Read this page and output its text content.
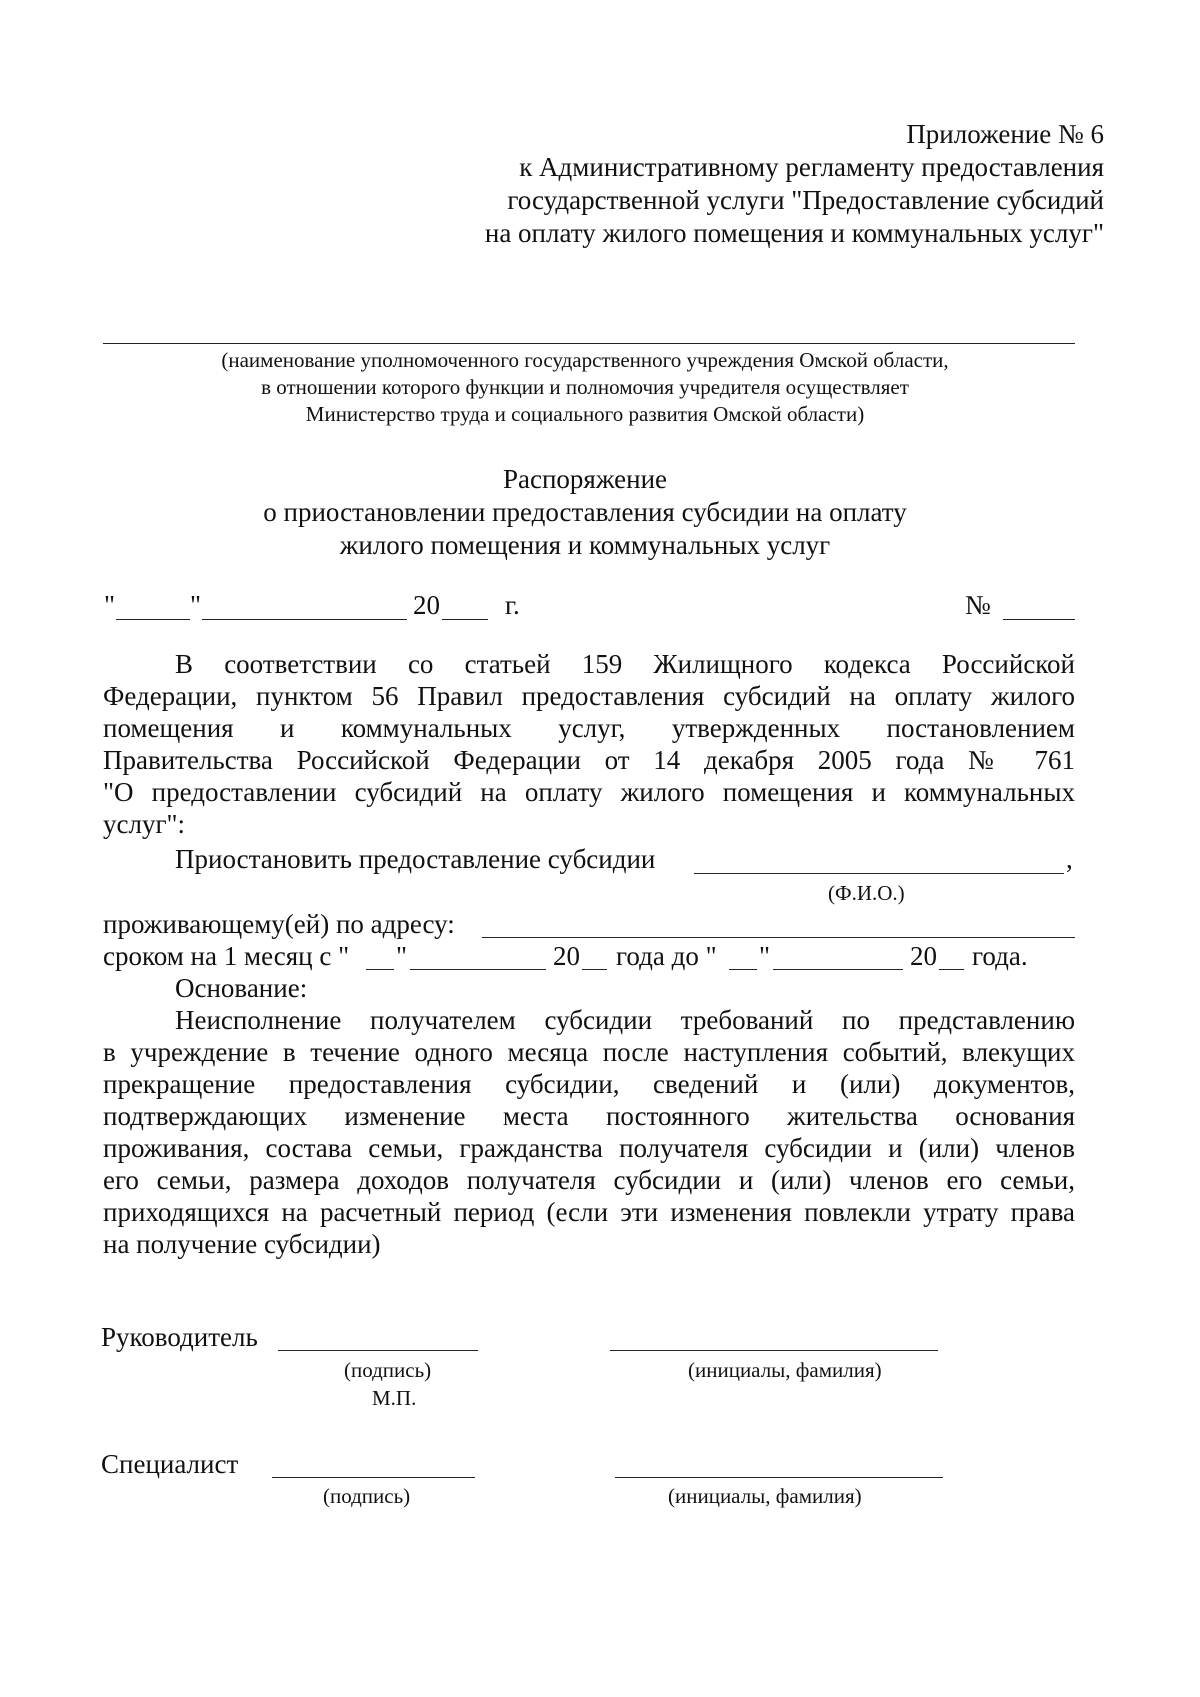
Приложение № 6
к Административному регламенту предоставления
государственной услуги "Предоставление субсидий
на оплату жилого помещения и коммунальных услуг"
(наименование уполномоченного государственного учреждения Омской области,
в отношении которого функции и полномочия учредителя осуществляет
Министерство труда и социального развития Омской области)
Распоряжение
о приостановлении предоставления субсидии на оплату
жилого помещения и коммунальных услуг
"	"	20 г.	№
В соответствии со статьей 159 Жилищного кодекса Российской
Федерации, пунктом 56 Правил предоставления субсидий на оплату жилого
помещения и коммунальных услуг, утвержденных постановлением
Правительства Российской Федерации от 14 декабря 2005 года № 761
"О предоставлении субсидий на оплату жилого помещения и коммунальных
услуг":
Приостановить предоставление субсидии	,
(Ф.И.О.)
проживающему(ей) по адресу:
сроком на 1 месяц с " "	20 года до " "	20 года.
Основание:
Неисполнение получателем субсидии требований по представлению
в учреждение в течение одного месяца после наступления событий, влекущих
прекращение предоставления субсидии, сведений и (или) документов,
подтверждающих изменение места постоянного жительства основания
проживания, состава семьи, гражданства получателя субсидии и (или) членов
его семьи, размера доходов получателя субсидии и (или) членов его семьи,
приходящихся на расчетный период (если эти изменения повлекли утрату права
на получение субсидии)
Руководитель
(подпись)	(инициалы, фамилия)
М.П.
Специалист
(подпись)	(инициалы, фамилия)
